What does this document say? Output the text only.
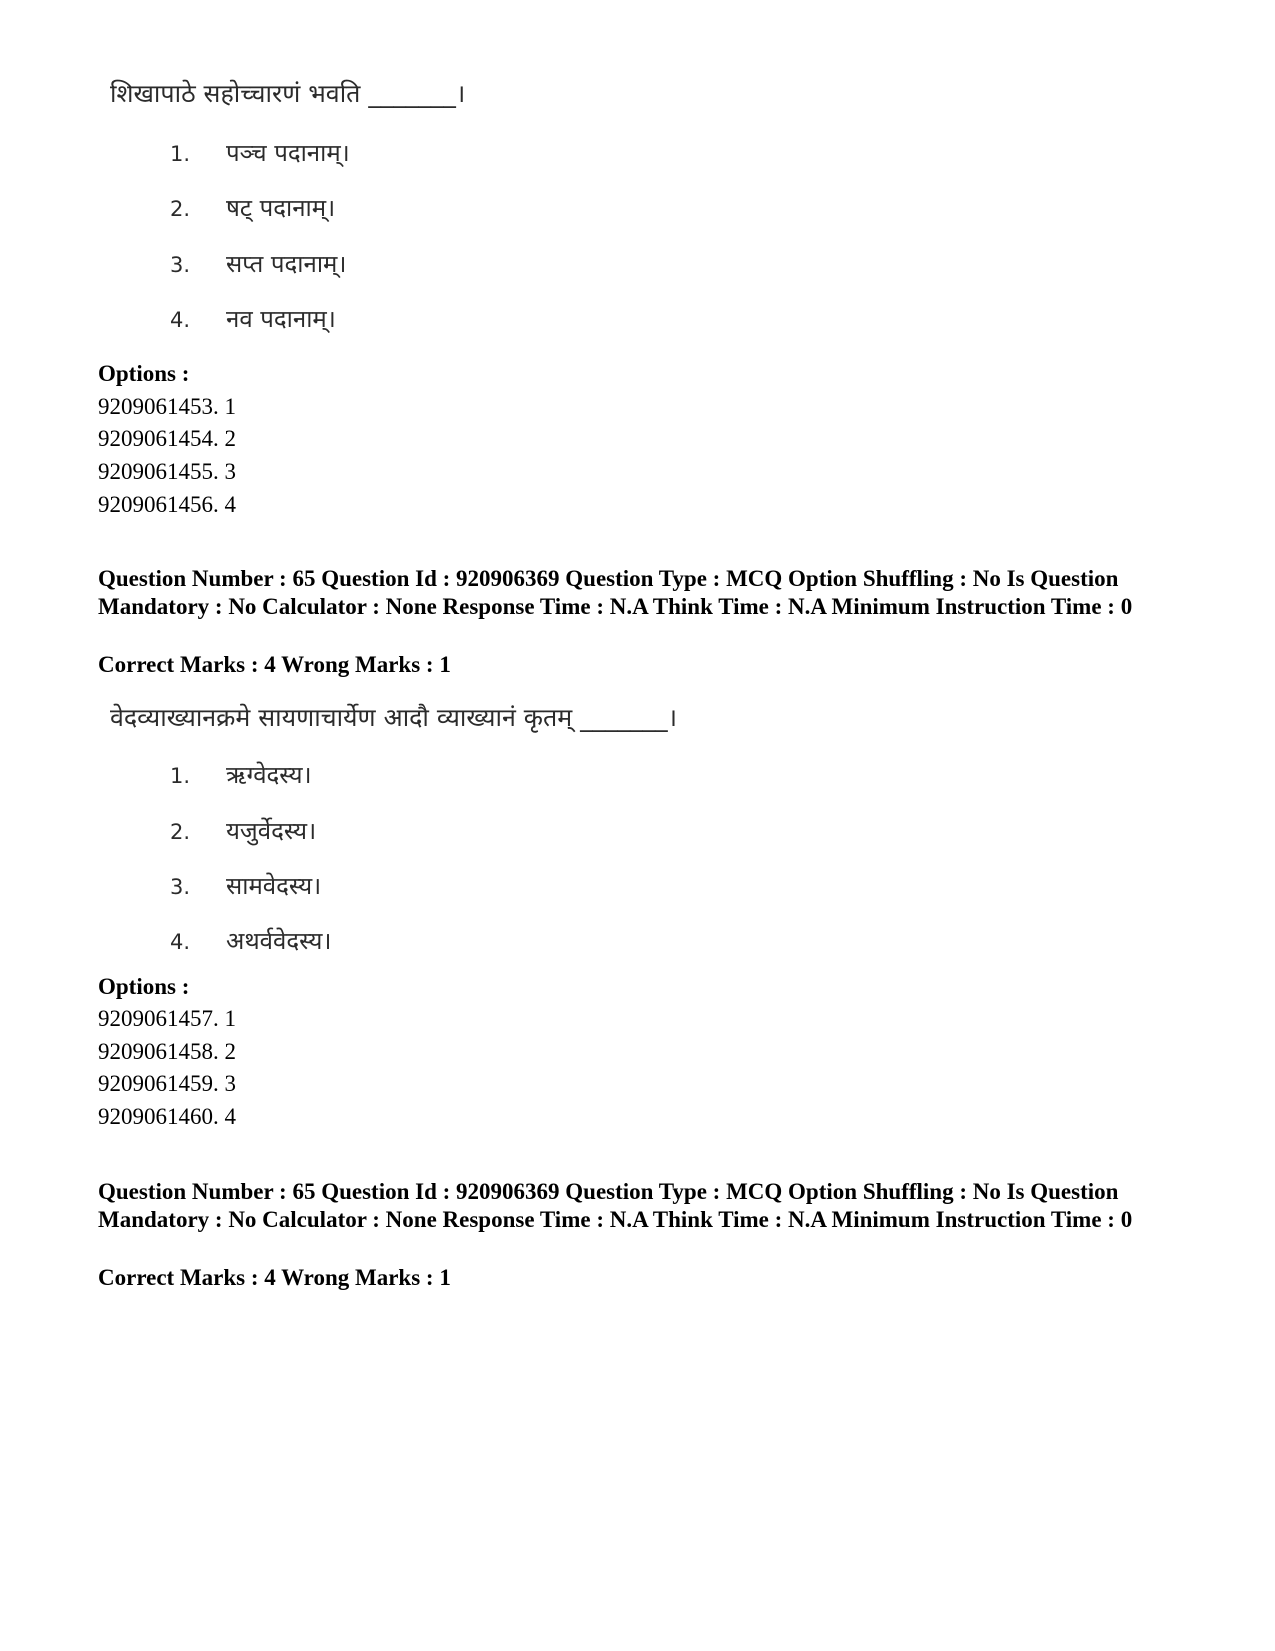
शिखापाठे सहोच्चारणं भवति _______।
1. पञ्च पदानाम्।
2. षट् पदानाम्।
3. सप्त पदानाम्।
4. नव पदानाम्।
Options :
9209061453. 1
9209061454. 2
9209061455. 3
9209061456. 4
Question Number : 65 Question Id : 920906369 Question Type : MCQ Option Shuffling : No Is Question Mandatory : No Calculator : None Response Time : N.A Think Time : N.A Minimum Instruction Time : 0
Correct Marks : 4 Wrong Marks : 1
वेदव्याख्यानक्रमे सायणाचार्येण आदौ व्याख्यानं कृतम् _______।
1. ऋग्वेदस्य।
2. यजुर्वेदस्य।
3. सामवेदस्य।
4. अथर्ववेदस्य।
Options :
9209061457. 1
9209061458. 2
9209061459. 3
9209061460. 4
Question Number : 65 Question Id : 920906369 Question Type : MCQ Option Shuffling : No Is Question Mandatory : No Calculator : None Response Time : N.A Think Time : N.A Minimum Instruction Time : 0
Correct Marks : 4 Wrong Marks : 1
